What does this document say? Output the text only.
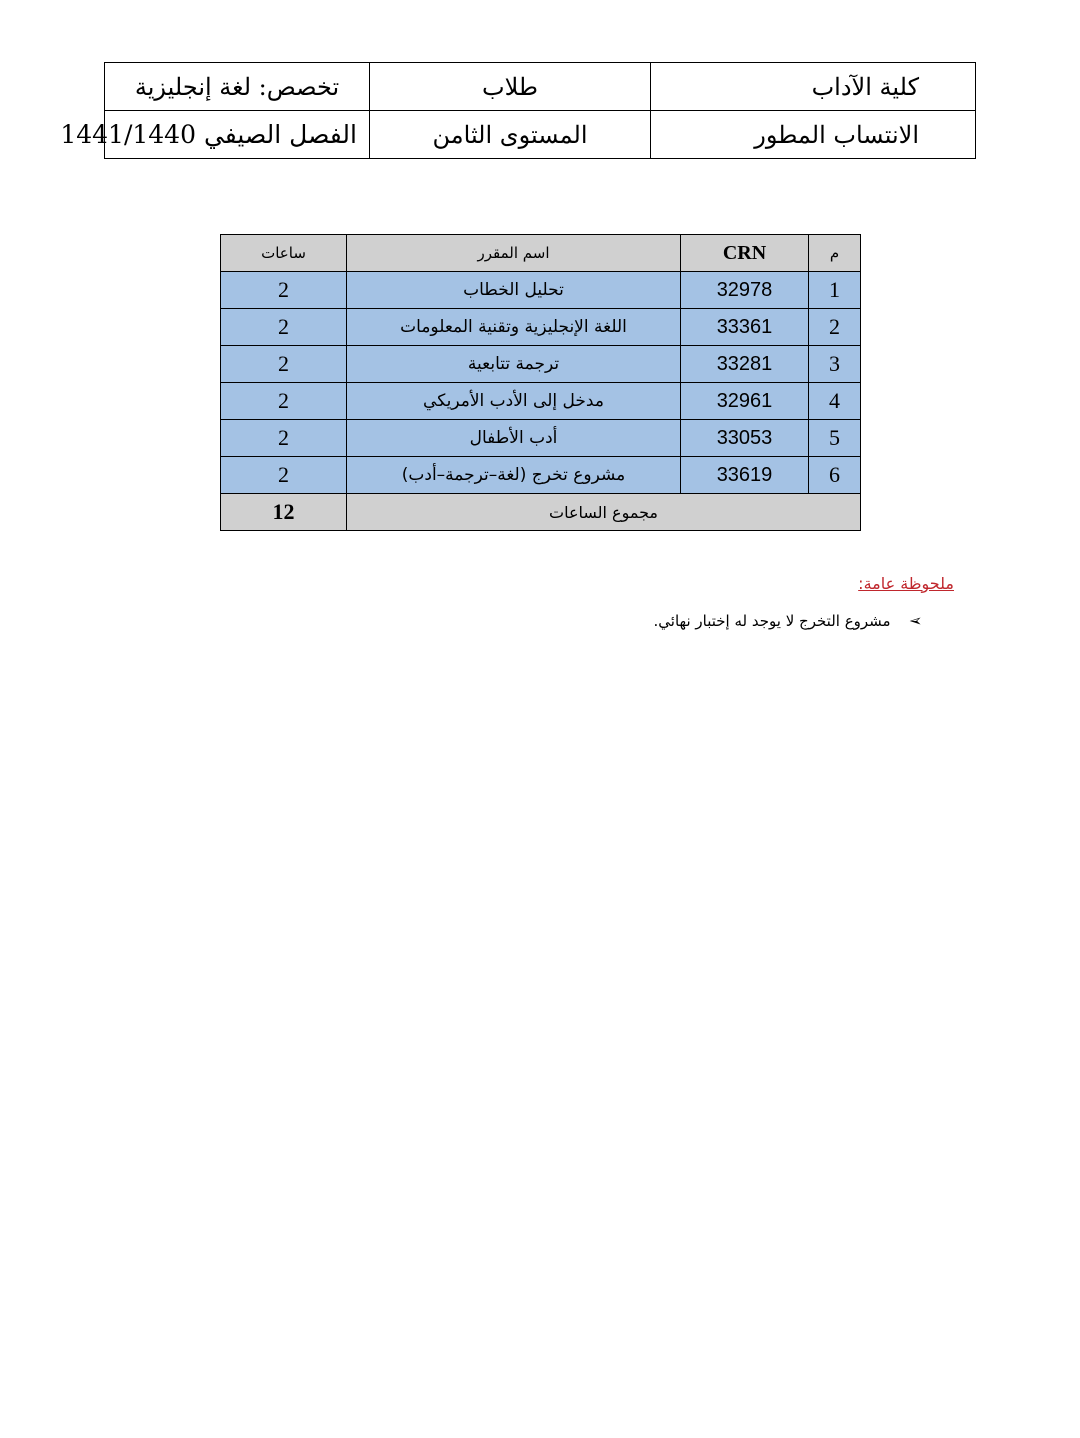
كلية الآداب	طلاب	تخصص: لغة إنجليزية
الانتساب المطور	المستوى الثامن	الفصل الصيفي 1441/1440
م	CRN	اسم المقرر	ساعات
1	32978	تحليل الخطاب	2
2	33361	اللغة الإنجليزية وتقنية المعلومات	2
3	33281	ترجمة تتابعية	2
4	32961	مدخل إلى الأدب الأمريكي	2
5	33053	أدب الأطفال	2
6	33619	مشروع تخرج (لغة–ترجمة–أدب)	2
مجموع الساعات			12
ملحوظة عامة:
➢
مشروع التخرج لا يوجد له إختبار نهائي.
